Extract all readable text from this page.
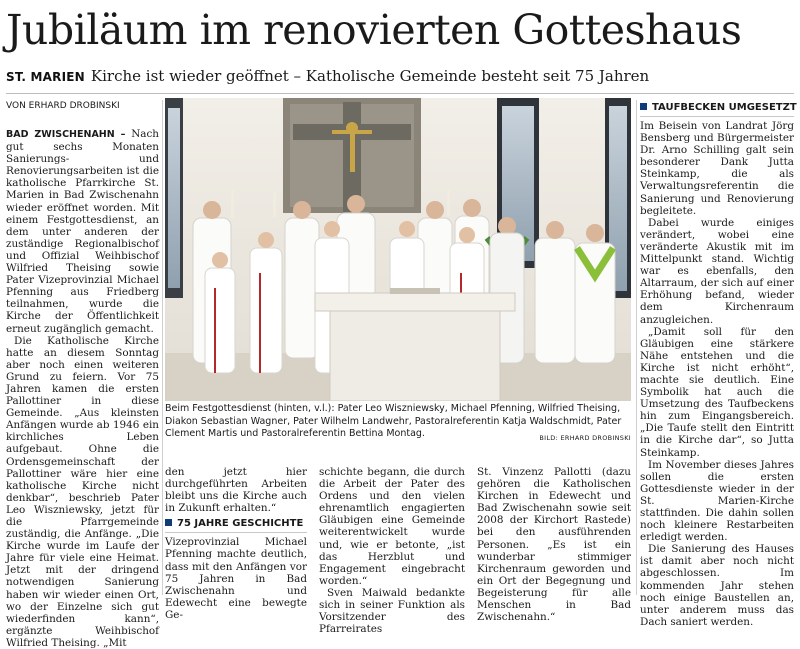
Jubiläum im renovierten Gotteshaus
ST. MARIEN Kirche ist wieder geöffnet – Katholische Gemeinde besteht seit 75 Jahren
VON ERHARD DROBINSKI

BAD ZWISCHENAHN – Nach gut sechs Monaten Sanierungs- und Renovierungsarbeiten ist die katholische Pfarrkirche St. Marien in Bad Zwischenahn wieder eröffnet worden. Mit einem Festgottesdienst, an dem unter anderen der zuständige Regionalbischof und Offizial Weihbischof Wilfried Theising sowie Pater Vizeprovinzial Michael Pfenning aus Friedberg teilnahmen, wurde die Kirche der Öffentlichkeit erneut zugänglich gemacht.

Die Katholische Kirche hatte an diesem Sonntag aber noch einen weiteren Grund zu feiern. Vor 75 Jahren kamen die ersten Pallottiner in diese Gemeinde. „Aus kleinsten Anfängen wurde ab 1946 ein kirchliches Leben aufgebaut. Ohne die Ordensgemeinschaft der Pallottiner wäre hier eine katholische Kirche nicht denkbar“, beschrieb Pater Leo Wiszniewsky, jetzt für die Pfarrgemeinde zuständig, die Anfänge. „Die Kirche wurde im Laufe der Jahre für viele eine Heimat. Jetzt mit der dringend notwendigen Sanierung haben wir wieder einen Ort, wo der Einzelne sich gut wiederfinden kann“, ergänzte Weihbischof Wilfried Theising. „Mit

Beim Festgottesdienst (hinten, v.l.): Pater Leo Wiszniewsky, Michael Pfenning, Wilfried Theising, Diakon Sebastian Wagner, Pater Wilhelm Landwehr, Pastoralreferentin Katja Waldschmidt, Pater Clement Martis und Pastoralreferentin Bettina Montag.	BILD: ERHARD DROBINSKI

den jetzt hier durchgeführten Arbeiten bleibt uns die Kirche auch in Zukunft erhalten.“

75 JAHRE GESCHICHTE

Vizeprovinzial Michael Pfenning machte deutlich, dass mit den Anfängen vor 75 Jahren in Bad Zwischenahn und Edewecht eine bewegte Ge-

schichte begann, die durch die Arbeit der Pater des Ordens und den vielen ehrenamtlich engagierten Gläubigen eine Gemeinde weiterentwickelt wurde und, wie er betonte, „ist das Herzblut und Engagement eingebracht worden.“

Sven Maiwald bedankte sich in seiner Funktion als Vorsitzender des Pfarreirates

St. Vinzenz Pallotti (dazu gehören die Katholischen Kirchen in Edewecht und Bad Zwischenahn sowie seit 2008 der Kirchort Rastede) bei den ausführenden Personen. „Es ist ein wunderbar stimmiger Kirchenraum geworden und ein Ort der Begegnung und Begeisterung für alle Menschen in Bad Zwischenahn.“

TAUFBECKEN UMGESETZT

Im Beisein von Landrat Jörg Bensberg und Bürgermeister Dr. Arno Schilling galt sein besonderer Dank Jutta Steinkamp, die als Verwaltungsreferentin die Sanierung und Renovierung begleitete.

Dabei wurde einiges verändert, wobei eine veränderte Akustik mit im Mittelpunkt stand. Wichtig war es ebenfalls, den Altarraum, der sich auf einer Erhöhung befand, wieder dem Kirchenraum anzugleichen.

„Damit soll für den Gläubigen eine stärkere Nähe entstehen und die Kirche ist nicht erhöht“, machte sie deutlich. Eine Symbolik hat auch die Umsetzung des Taufbeckens hin zum Eingangsbereich. „Die Taufe stellt den Eintritt in die Kirche dar“, so Jutta Steinkamp.

Im November dieses Jahres sollen die ersten Gottesdienste wieder in der St. Marien-Kirche stattfinden. Die dahin sollen noch kleinere Restarbeiten erledigt werden.

Die Sanierung des Hauses ist damit aber noch nicht abgeschlossen. Im kommenden Jahr stehen noch einige Baustellen an, unter anderem muss das Dach saniert werden.
